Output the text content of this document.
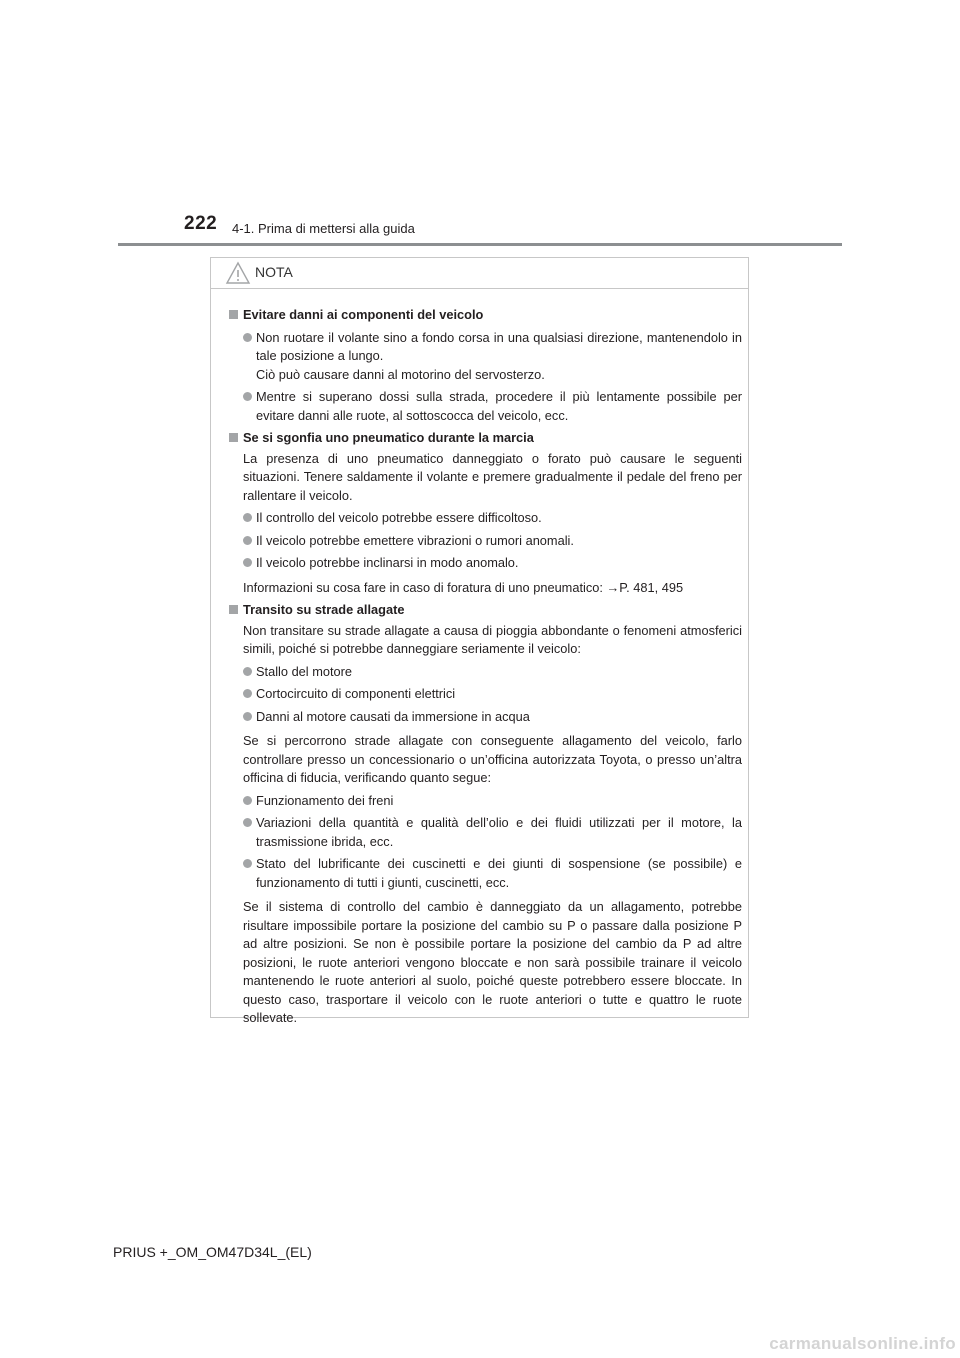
222 4-1. Prima di mettersi alla guida
NOTA
Evitare danni ai componenti del veicolo
Non ruotare il volante sino a fondo corsa in una qualsiasi direzione, mantenendolo in tale posizione a lungo.
Ciò può causare danni al motorino del servosterzo.
Mentre si superano dossi sulla strada, procedere il più lentamente possibile per evitare danni alle ruote, al sottoscocca del veicolo, ecc.
Se si sgonfia uno pneumatico durante la marcia
La presenza di uno pneumatico danneggiato o forato può causare le seguenti situazioni. Tenere saldamente il volante e premere gradualmente il pedale del freno per rallentare il veicolo.
Il controllo del veicolo potrebbe essere difficoltoso.
Il veicolo potrebbe emettere vibrazioni o rumori anomali.
Il veicolo potrebbe inclinarsi in modo anomalo.
Informazioni su cosa fare in caso di foratura di uno pneumatico: →P. 481, 495
Transito su strade allagate
Non transitare su strade allagate a causa di pioggia abbondante o fenomeni atmosferici simili, poiché si potrebbe danneggiare seriamente il veicolo:
Stallo del motore
Cortocircuito di componenti elettrici
Danni al motore causati da immersione in acqua
Se si percorrono strade allagate con conseguente allagamento del veicolo, farlo controllare presso un concessionario o un’officina autorizzata Toyota, o presso un’altra officina di fiducia, verificando quanto segue:
Funzionamento dei freni
Variazioni della quantità e qualità dell’olio e dei fluidi utilizzati per il motore, la trasmissione ibrida, ecc.
Stato del lubrificante dei cuscinetti e dei giunti di sospensione (se possibile) e funzionamento di tutti i giunti, cuscinetti, ecc.
Se il sistema di controllo del cambio è danneggiato da un allagamento, potrebbe risultare impossibile portare la posizione del cambio su P o passare dalla posizione P ad altre posizioni. Se non è possibile portare la posizione del cambio da P ad altre posizioni, le ruote anteriori vengono bloccate e non sarà possibile trainare il veicolo mantenendo le ruote anteriori al suolo, poiché queste potrebbero essere bloccate. In questo caso, trasportare il veicolo con le ruote anteriori o tutte e quattro le ruote sollevate.
PRIUS +_OM_OM47D34L_(EL)
carmanualsonline.info
